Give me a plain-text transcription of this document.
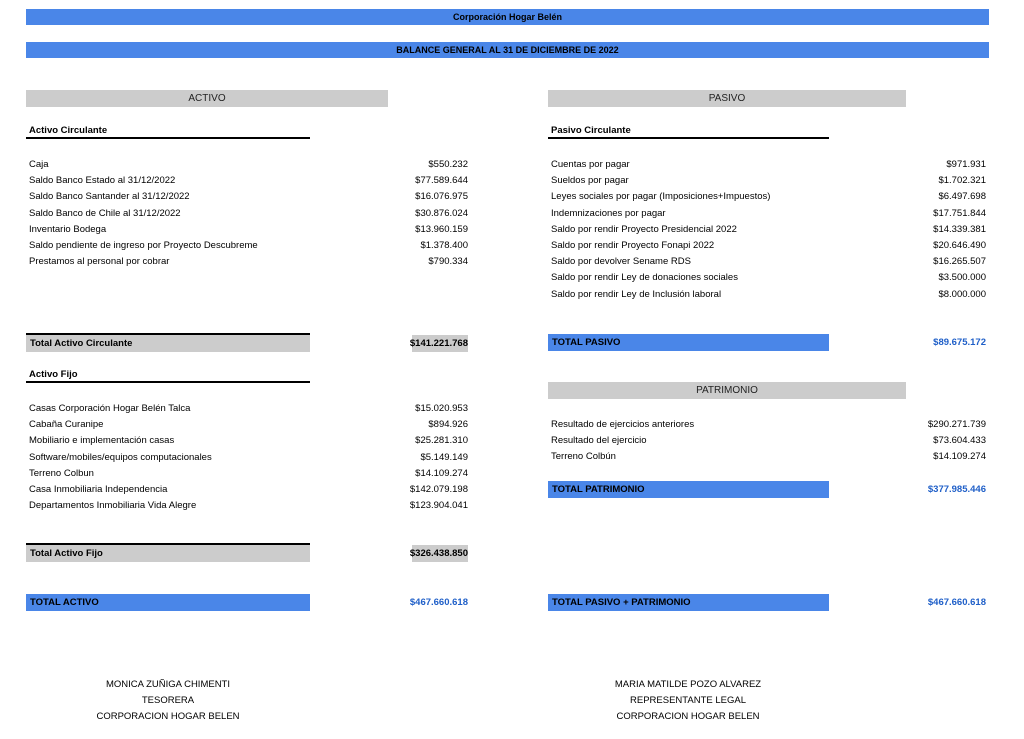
Corporación Hogar Belén
BALANCE GENERAL AL 31 DE DICIEMBRE DE 2022
ACTIVO
Activo Circulante
Caja	$550.232
Saldo Banco Estado al 31/12/2022	$77.589.644
Saldo Banco Santander al 31/12/2022	$16.076.975
Saldo Banco de Chile al 31/12/2022	$30.876.024
Inventario Bodega	$13.960.159
Saldo pendiente de ingreso por Proyecto Descubreme	$1.378.400
Prestamos al personal por cobrar	$790.334
Total Activo Circulante	$141.221.768
Activo Fijo
Casas Corporación Hogar Belén Talca	$15.020.953
Cabaña Curanipe	$894.926
Mobiliario e implementación casas	$25.281.310
Software/mobiles/equipos computacionales	$5.149.149
Terreno Colbun	$14.109.274
Casa Inmobiliaria Independencia	$142.079.198
Departamentos Inmobiliaria Vida Alegre	$123.904.041
Total Activo Fijo	$326.438.850
TOTAL ACTIVO	$467.660.618
PASIVO
Pasivo Circulante
Cuentas por pagar	$971.931
Sueldos por pagar	$1.702.321
Leyes sociales por pagar (Imposiciones+Impuestos)	$6.497.698
Indemnizaciones por pagar	$17.751.844
Saldo por rendir Proyecto Presidencial 2022	$14.339.381
Saldo por rendir Proyecto Fonapi 2022	$20.646.490
Saldo por devolver Sename RDS	$16.265.507
Saldo por rendir Ley de donaciones sociales	$3.500.000
Saldo por rendir Ley de Inclusión laboral	$8.000.000
TOTAL PASIVO	$89.675.172
PATRIMONIO
Resultado de ejercicios anteriores	$290.271.739
Resultado del ejercicio	$73.604.433
Terreno Colbún	$14.109.274
TOTAL PATRIMONIO	$377.985.446
TOTAL PASIVO + PATRIMONIO	$467.660.618
MONICA ZUÑIGA CHIMENTI
TESORERA
CORPORACION HOGAR BELEN
MARIA MATILDE POZO ALVAREZ
REPRESENTANTE LEGAL
CORPORACION HOGAR BELEN
